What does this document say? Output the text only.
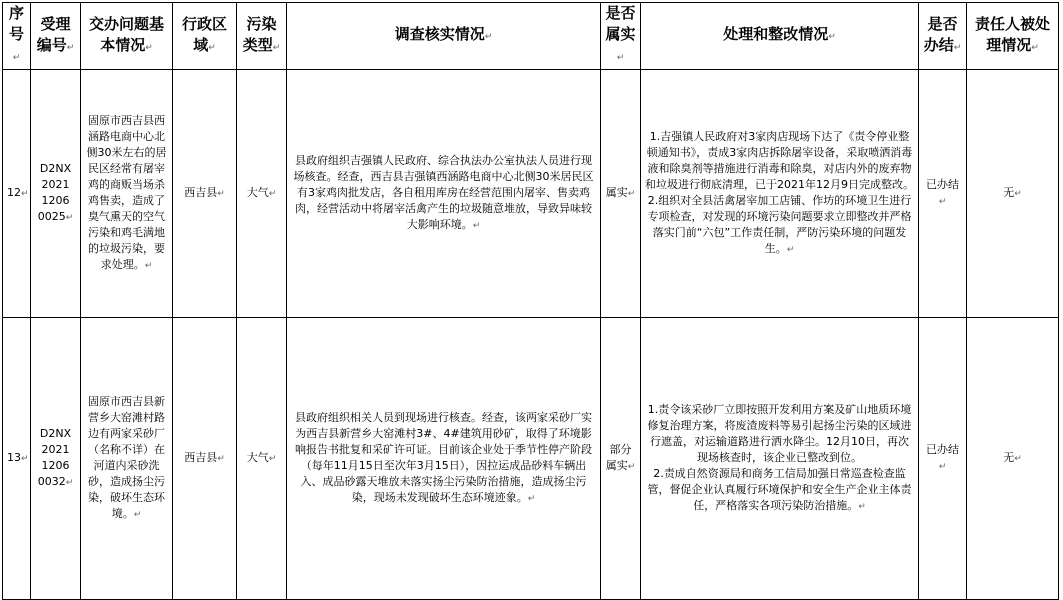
序号 ↵	受理编号 ↵	交办问题基本情况 ↵	行政区域 ↵	污染类型 ↵	调查核实情况 ↵	是否属实 ↵	处理和整改情况 ↵	是否办结 ↵	责任人被处理情况 ↵
12 ↵	D2NX
2021
1206
0025 ↵	固原市西吉县西涵路电商中心北侧30米左右的居民区经常有屠宰鸡的商贩当场杀鸡售卖，造成了臭气熏天的空气污染和鸡毛满地的垃圾污染，要求处理。 ↵	西吉县 ↵	大气 ↵	县政府组织吉强镇人民政府、综合执法办公室执法人员进行现场核查。经查，西吉县吉强镇西涵路电商中心北侧30米居民区有3家鸡肉批发店，各自租用库房在经营范围内屠宰、售卖鸡肉，经营活动中将屠宰活禽产生的垃圾随意堆放，导致异味较大影响环境。 ↵	属实 ↵	1.吉强镇人民政府对3家肉店现场下达了《责令停业整顿通知书》，责成3家肉店拆除屠宰设备，采取喷洒消毒液和除臭剂等措施进行消毒和除臭，对店内外的废弃物和垃圾进行彻底清理，已于2021年12月9日完成整改。
2.组织对全县活禽屠宰加工店铺、作坊的环境卫生进行专项检查，对发现的环境污染问题要求立即整改并严格落实门前“六包”工作责任制，严防污染环境的问题发生。 ↵	已办结 ↵	无 ↵
13 ↵	D2NX
2021
1206
0032 ↵	固原市西吉县新营乡大窑滩村路边有两家采砂厂（名称不详）在河道内采砂洗砂，造成扬尘污染，破坏生态环境。 ↵	西吉县 ↵	大气 ↵	县政府组织相关人员到现场进行核查。经查，该两家采砂厂实为西吉县新营乡大窑滩村3#、4#建筑用砂矿，取得了环境影响报告书批复和采矿许可证。目前该企业处于季节性停产阶段（每年11月15日至次年3月15日），因拉运成品砂料车辆出入、成品砂露天堆放未落实扬尘污染防治措施，造成扬尘污染，现场未发现破坏生态环境迹象。 ↵	部分属实 ↵	1.责令该采砂厂立即按照开发利用方案及矿山地质环境修复治理方案，将废渣废料等易引起扬尘污染的区域进行遮盖，对运输道路进行洒水降尘。12月10日，再次现场核查时，该企业已整改到位。
2.责成自然资源局和商务工信局加强日常巡查检查监管，督促企业认真履行环境保护和安全生产企业主体责任，严格落实各项污染防治措施。 ↵	已办结 ↵	无 ↵
